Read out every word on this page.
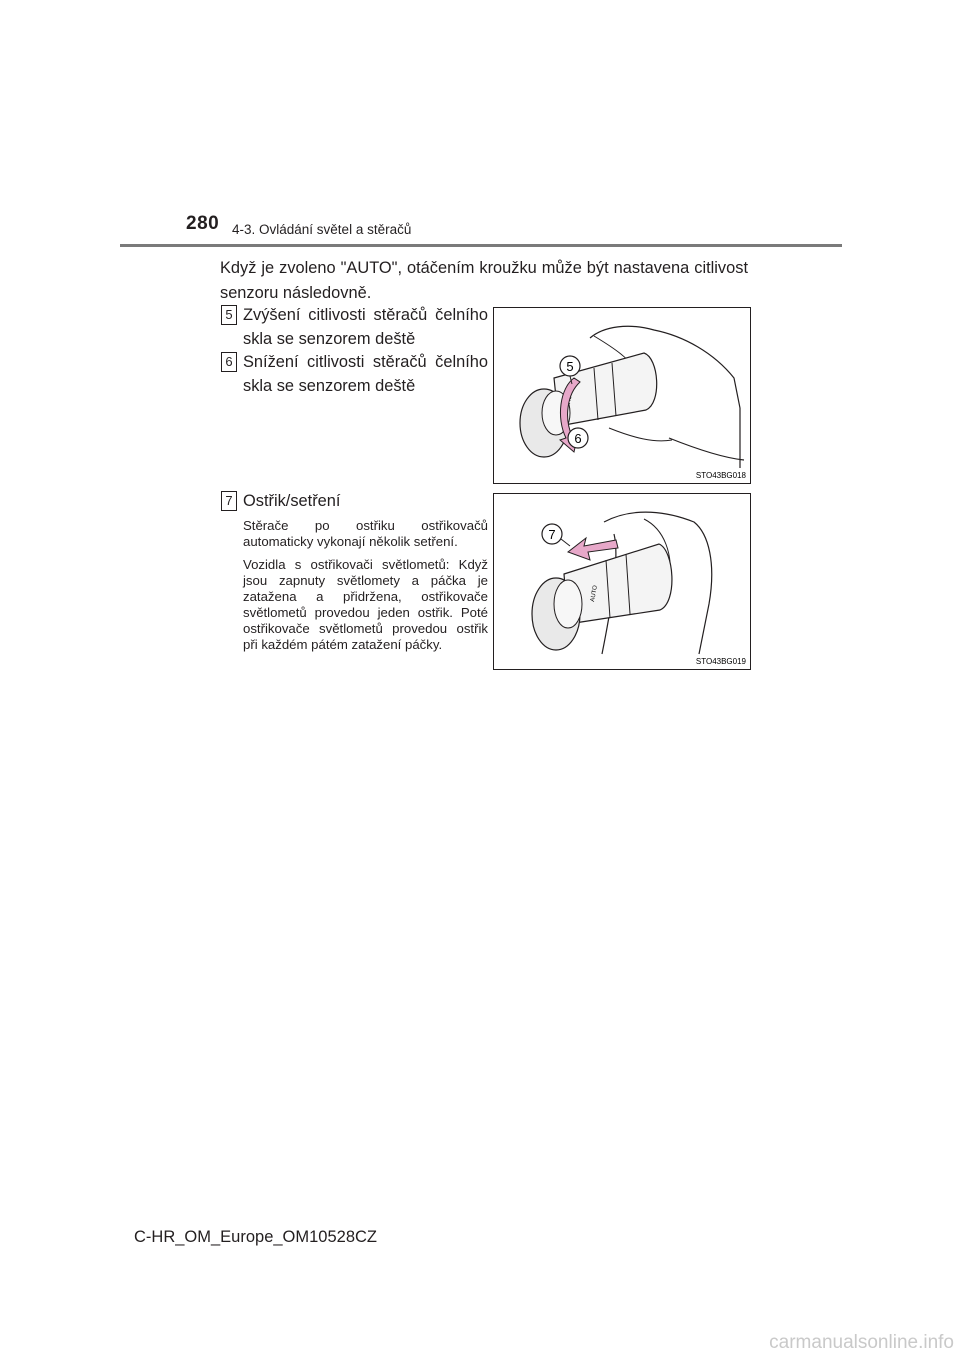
280 4-3. Ovládání světel a stěračů
Když je zvoleno "AUTO", otáčením kroužku může být nastavena citlivost senzoru následovně.
5 Zvýšení citlivosti stěračů čelního skla se senzorem deště
6 Snížení citlivosti stěračů čelního skla se senzorem deště
7 Ostřik/setření
Stěrače po ostřiku ostřikovačů automaticky vykonají několik setření.
Vozidla s ostřikovači světlometů: Když jsou zapnuty světlomety a páčka je zatažena a přidržena, ostřikovače světlometů provedou jeden ostřik. Poté ostřikovače světlometů provedou ostřik při každém pátém zatažení páčky.
5
6
STO43BG018
AUTO
7
STO43BG019
C-HR_OM_Europe_OM10528CZ
carmanualsonline.info
